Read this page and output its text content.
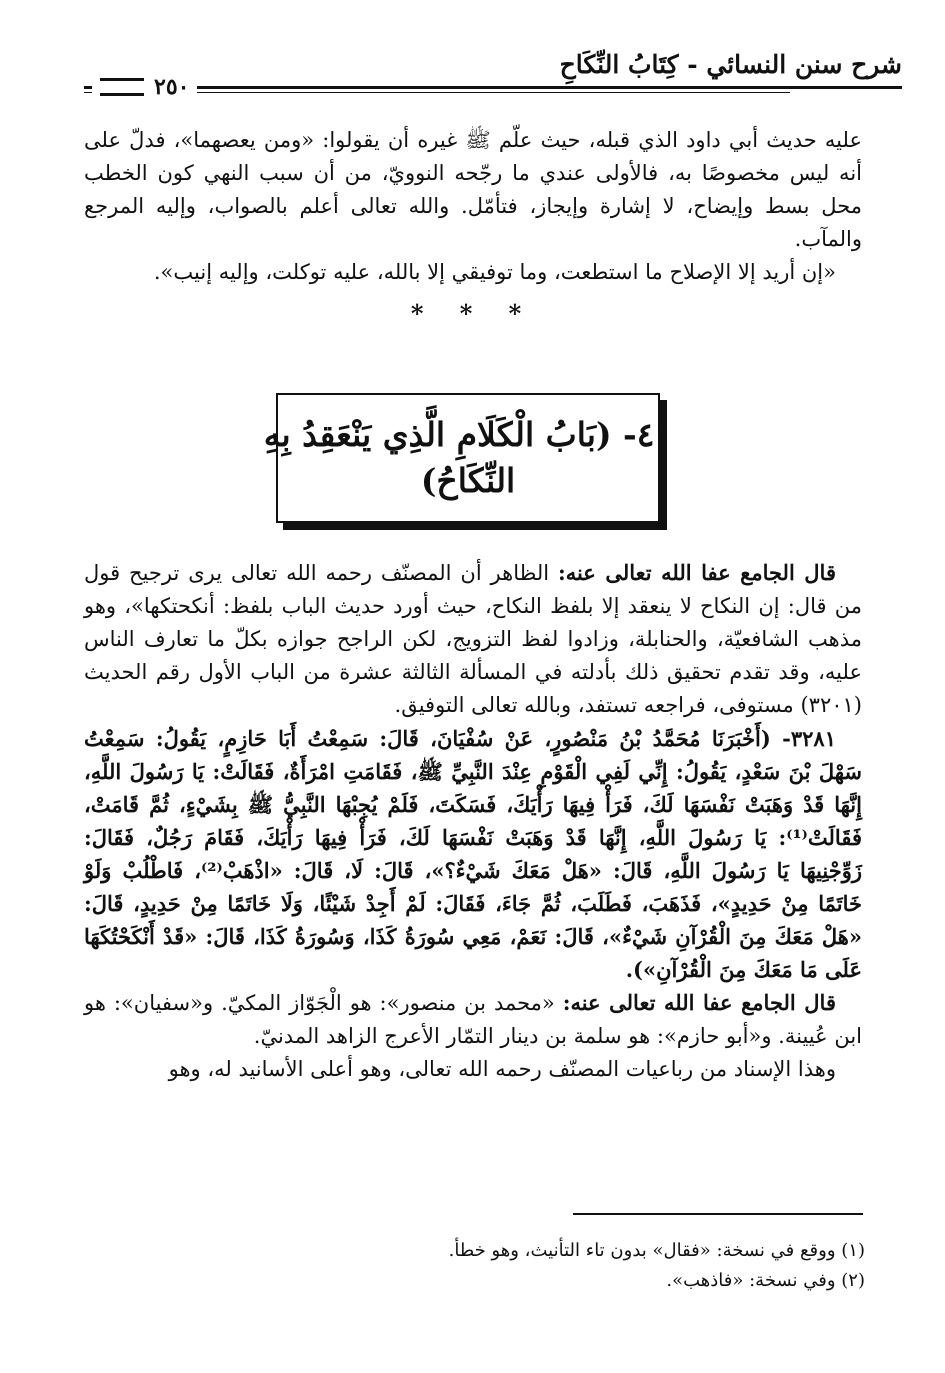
شرح سنن النسائي - كِتَابُ النِّكَاحِ
٢٥٠

عليه حديث أبي داود الذي قبله، حيث علّم ﷺ غيره أن يقولوا: «ومن يعصهما»، فدلّ على أنه ليس مخصوصًا به، فالأولى عندي ما رجّحه النوويّ، من أن سبب النهي كون الخطب محل بسط وإيضاح، لا إشارة وإيجاز، فتأمّل. والله تعالى أعلم بالصواب، وإليه المرجع والمآب.

«إن أريد إلا الإصلاح ما استطعت، وما توفيقي إلا بالله، عليه توكلت، وإليه إنيب».

* * *
٤١- (بَابُ الْكَلَامِ الَّذِي يَنْعَقِدُ بِهِ
النِّكَاحُ)

قال الجامع عفا الله تعالى عنه: الظاهر أن المصنّف رحمه الله تعالى يرى ترجيح قول من قال: إن النكاح لا ينعقد إلا بلفظ النكاح، حيث أورد حديث الباب بلفظ: أنكحتكها»، وهو مذهب الشافعيّة، والحنابلة، وزادوا لفظ التزويج، لكن الراجح جوازه بكلّ ما تعارف الناس عليه، وقد تقدم تحقيق ذلك بأدلته في المسألة الثالثة عشرة من الباب الأول رقم الحديث (٣٢٠١) مستوفى، فراجعه تستفد، وبالله تعالى التوفيق.

٣٢٨١- (أَخْبَرَنَا مُحَمَّدُ بْنُ مَنْصُورٍ، عَنْ سُفْيَانَ، قَالَ: سَمِعْتُ أَبَا حَازِمٍ، يَقُولُ: سَمِعْتُ سَهْلَ بْنَ سَعْدٍ، يَقُولُ: إِنِّي لَفِي الْقَوْمِ عِنْدَ النَّبِيِّ ﷺ، فَقَامَتِ امْرَأَةٌ، فَقَالَتْ: يَا رَسُولَ اللَّهِ، إِنَّهَا قَدْ وَهَبَتْ نَفْسَهَا لَكَ، فَرَأْ فِيهَا رَأْيَكَ، فَسَكَتَ، فَلَمْ يُجِبْهَا النَّبِيُّ ﷺ بِشَيْءٍ، ثُمَّ قَامَتْ، فَقَالَتْ⁽¹⁾: يَا رَسُولَ اللَّهِ، إِنَّهَا قَدْ وَهَبَتْ نَفْسَهَا لَكَ، فَرَأْ فِيهَا رَأْيَكَ، فَقَامَ رَجُلٌ، فَقَالَ: زَوِّجْنِيهَا يَا رَسُولَ اللَّهِ، قَالَ: «هَلْ مَعَكَ شَيْءٌ؟»، قَالَ: لَا، قَالَ: «اذْهَبْ⁽²⁾، فَاطْلُبْ وَلَوْ خَاتَمًا مِنْ حَدِيدٍ»، فَذَهَبَ، فَطَلَبَ، ثُمَّ جَاءَ، فَقَالَ: لَمْ أَجِدْ شَيْئًا، وَلَا خَاتَمًا مِنْ حَدِيدٍ، قَالَ: «هَلْ مَعَكَ مِنَ الْقُرْآنِ شَيْءٌ»، قَالَ: نَعَمْ، مَعِي سُورَةُ كَذَا، وَسُورَةُ كَذَا، قَالَ: «قَدْ أَنْكَحْتُكَهَا عَلَى مَا مَعَكَ مِنَ الْقُرْآنِ»).

قال الجامع عفا الله تعالى عنه: «محمد بن منصور»: هو الْجَوّاز المكيّ. و«سفيان»: هو ابن عُيينة. و«أبو حازم»: هو سلمة بن دينار التمّار الأعرج الزاهد المدنيّ.

وهذا الإسناد من رباعيات المصنّف رحمه الله تعالى، وهو أعلى الأسانيد له، وهو

(١) ووقع في نسخة: «فقال» بدون تاء التأنيث، وهو خطأ.

(٢) وفي نسخة: «فاذهب».
